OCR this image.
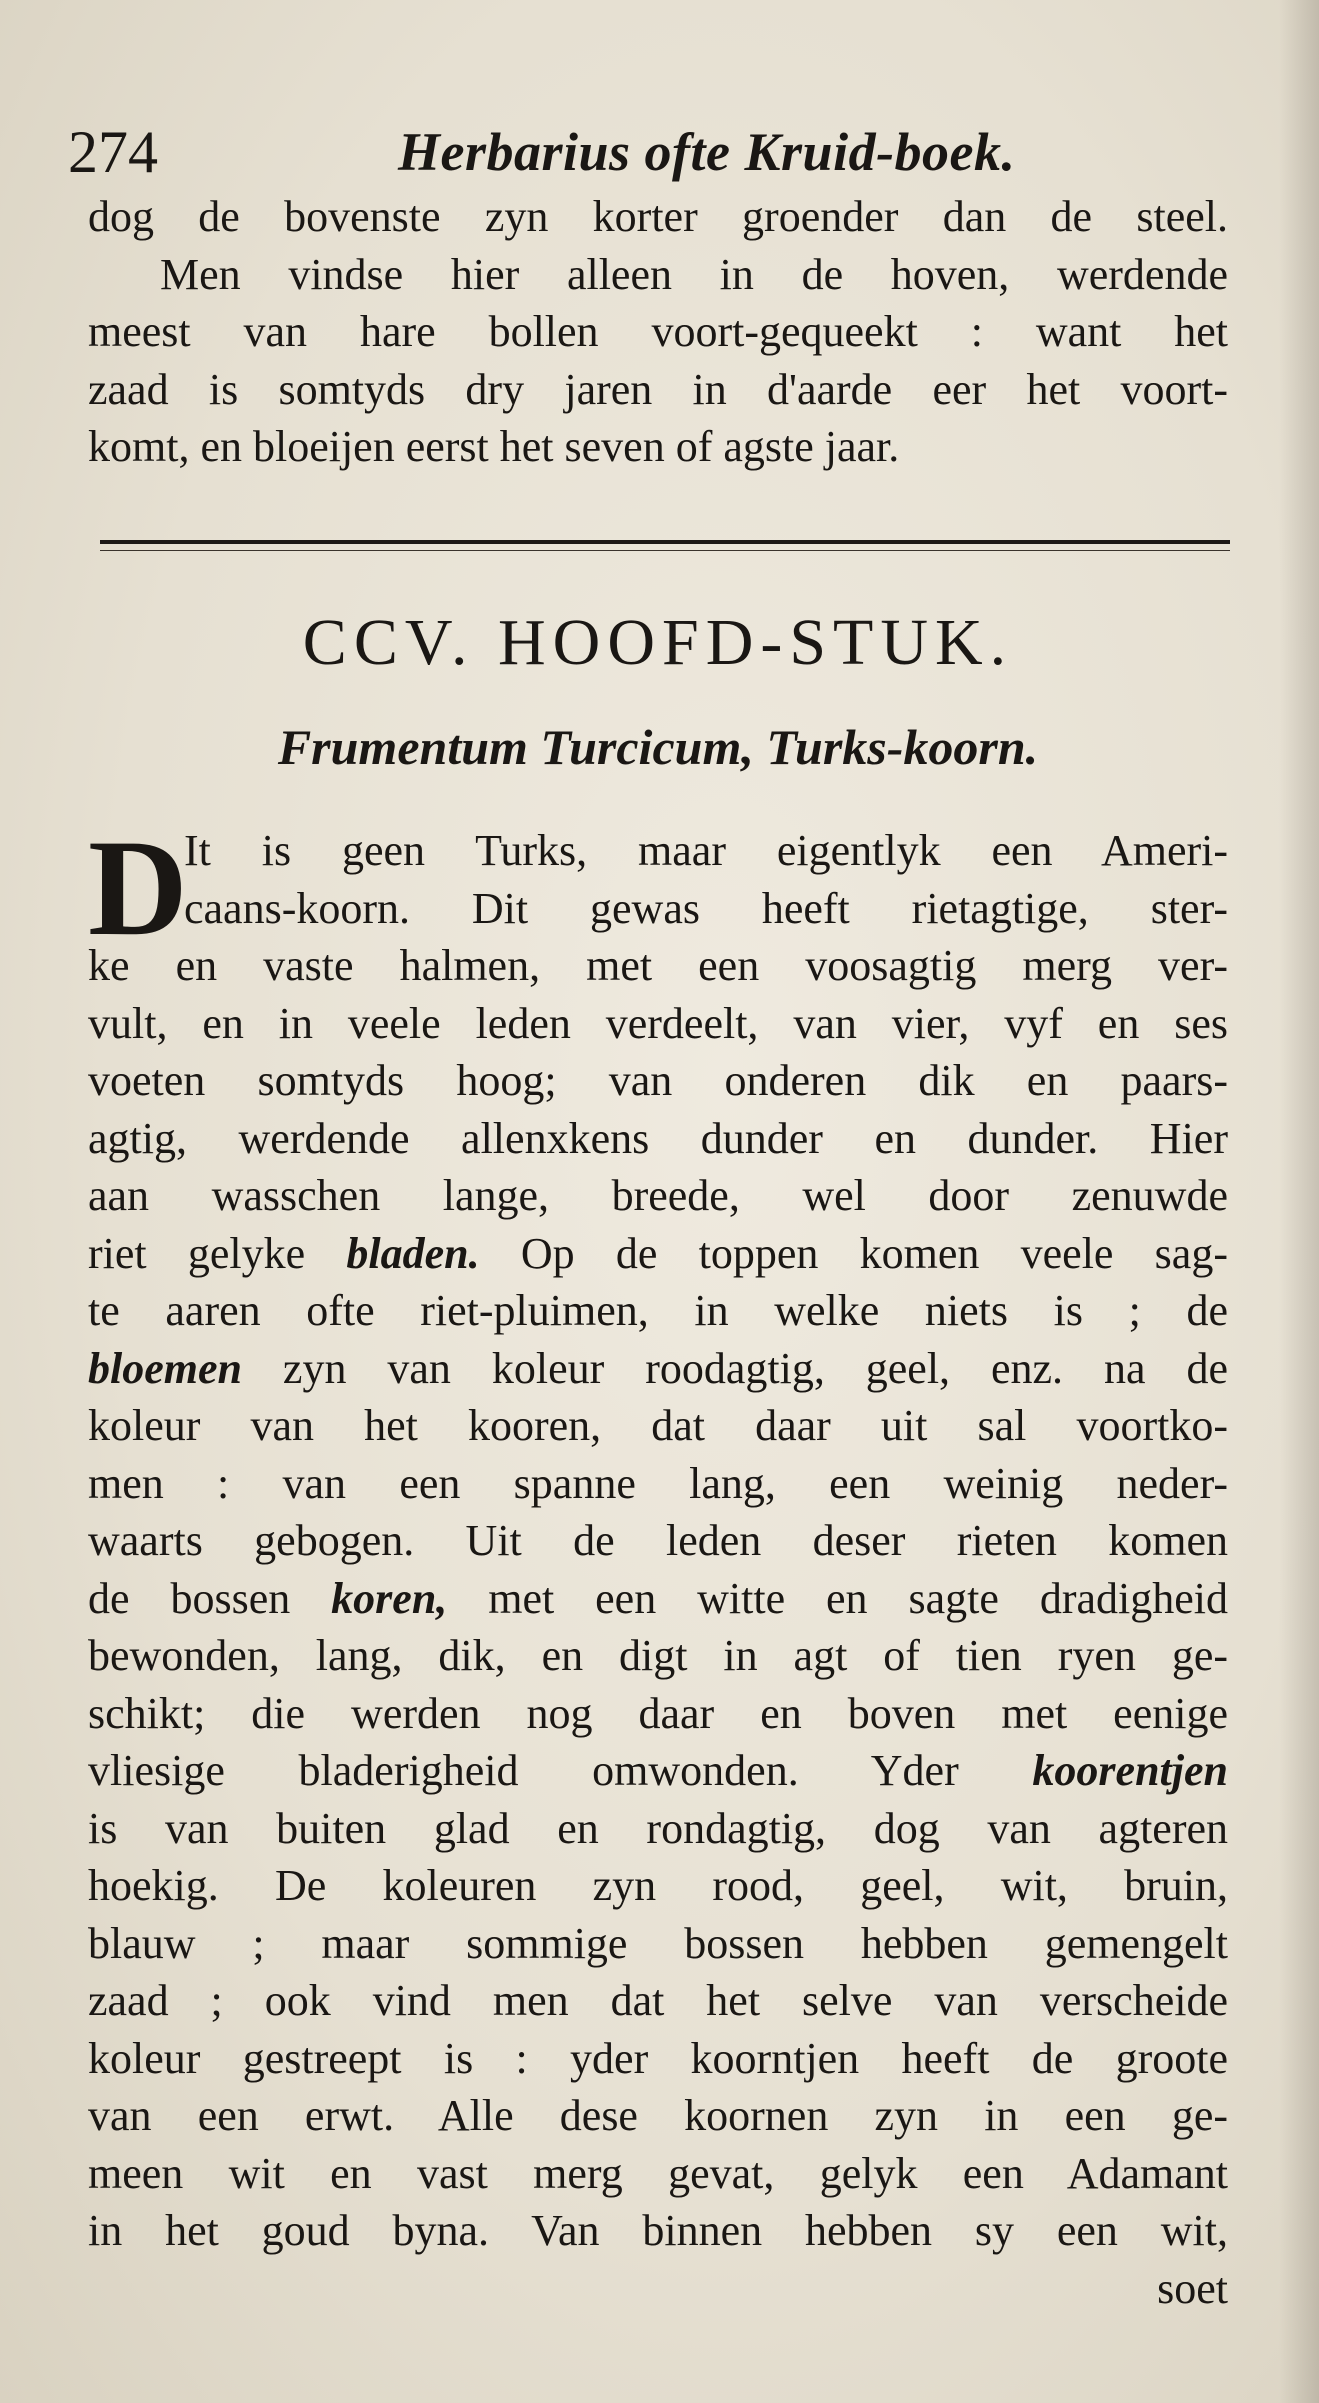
274	Herbarius ofte Kruid-boek.
dog de bovenste zyn korter groender dan de steel.
Men vindse hier alleen in de hoven, werdende
meest van hare bollen voort-gequeekt : want het
zaad is somtyds dry jaren in d'aarde eer het voort-
komt, en bloeijen eerst het seven of agste jaar.
CCV. HOOFD-STUK.
Frumentum Turcicum, Turks-koorn.
D
It is geen Turks, maar eigentlyk een Ameri-
caans-koorn. Dit gewas heeft rietagtige, ster-
ke en vaste halmen, met een voosagtig merg ver-
vult, en in veele leden verdeelt, van vier, vyf en ses
voeten somtyds hoog; van onderen dik en paars-
agtig, werdende allenxkens dunder en dunder. Hier
aan wasschen lange, breede, wel door zenuwde
riet gelyke bladen. Op de toppen komen veele sag-
te aaren ofte riet-pluimen, in welke niets is ; de
bloemen zyn van koleur roodagtig, geel, enz. na de
koleur van het kooren, dat daar uit sal voortko-
men : van een spanne lang, een weinig neder-
waarts gebogen. Uit de leden deser rieten komen
de bossen koren, met een witte en sagte dradigheid
bewonden, lang, dik, en digt in agt of tien ryen ge-
schikt; die werden nog daar en boven met eenige
vliesige bladerigheid omwonden. Yder koorentjen
is van buiten glad en rondagtig, dog van agteren
hoekig. De koleuren zyn rood, geel, wit, bruin,
blauw ; maar sommige bossen hebben gemengelt
zaad ; ook vind men dat het selve van verscheide
koleur gestreept is : yder koorntjen heeft de groote
van een erwt. Alle dese koornen zyn in een ge-
meen wit en vast merg gevat, gelyk een Adamant
in het goud byna. Van binnen hebben sy een wit,
soet
